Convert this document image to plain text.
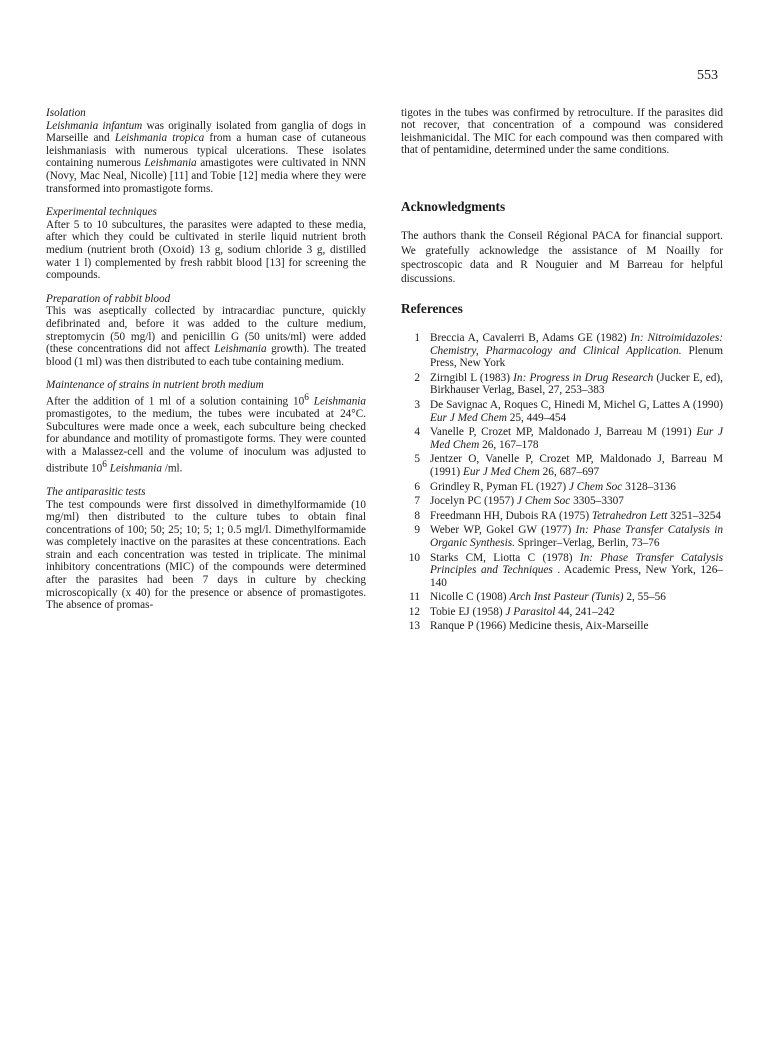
553

Isolation

Leishmania infantum was originally isolated from ganglia of dogs in Marseille and Leishmania tropica from a human case of cutaneous leishmaniasis with numerous typical ulcerations. These isolates containing numerous Leishmania amastigotes were cultivated in NNN (Novy, Mac Neal, Nicolle) [11] and Tobie [12] media where they were transformed into promastigote forms.

Experimental techniques

After 5 to 10 subcultures, the parasites were adapted to these media, after which they could be cultivated in sterile liquid nutrient broth medium (nutrient broth (Oxoid) 13 g, sodium chloride 3 g, distilled water 1 l) complemented by fresh rabbit blood [13] for screening the compounds.

Preparation of rabbit blood

This was aseptically collected by intracardiac puncture, quickly defibrinated and, before it was added to the culture medium, streptomycin (50 mg/l) and penicillin G (50 units/ml) were added (these concentrations did not affect Leishmania growth). The treated blood (1 ml) was then distributed to each tube containing medium.

Maintenance of strains in nutrient broth medium

After the addition of 1 ml of a solution containing $10^6$ Leishmania promastigotes, to the medium, the tubes were incubated at 24°C. Subcultures were made once a week, each subculture being checked for abundance and motility of promastigote forms. They were counted with a Malassez-cell and the volume of inoculum was adjusted to distribute $10^6$ Leishmania /ml.

The antiparasitic tests

The test compounds were first dissolved in dimethylformamide (10 mg/ml) then distributed to the culture tubes to obtain final concentrations of 100; 50; 25; 10; 5; 1; 0.5 mgl/l. Dimethylformamide was completely inactive on the parasites at these concentrations. Each strain and each concentration was tested in triplicate. The minimal inhibitory concentrations (MIC) of the compounds were determined after the parasites had been 7 days in culture by checking microscopically (x 40) for the presence or absence of promastigotes. The absence of promas-

tigotes in the tubes was confirmed by retroculture. If the parasites did not recover, that concentration of a compound was considered leishmanicidal. The MIC for each compound was then compared with that of pentamidine, determined under the same conditions.

Acknowledgments

The authors thank the Conseil Régional PACA for financial support. We gratefully acknowledge the assistance of M Noailly for spectroscopic data and R Nouguier and M Barreau for helpful discussions.

References
1 Breccia A, Cavalerri B, Adams GE (1982) In: Nitroimidazoles: Chemistry, Pharmacology and Clinical Application. Plenum Press, New York
2 Zirngibl L (1983) In: Progress in Drug Research (Jucker E, ed), Birkhauser Verlag, Basel, 27, 253–383
3 De Savignac A, Roques C, Hinedi M, Michel G, Lattes A (1990) Eur J Med Chem 25, 449–454
4 Vanelle P, Crozet MP, Maldonado J, Barreau M (1991) Eur J Med Chem 26, 167–178
5 Jentzer O, Vanelle P, Crozet MP, Maldonado J, Barreau M (1991) Eur J Med Chem 26, 687–697
6 Grindley R, Pyman FL (1927) J Chem Soc 3128–3136
7 Jocelyn PC (1957) J Chem Soc 3305–3307
8 Freedmann HH, Dubois RA (1975) Tetrahedron Lett 3251–3254
9 Weber WP, Gokel GW (1977) In: Phase Transfer Catalysis in Organic Synthesis. Springer–Verlag, Berlin, 73–76
10 Starks CM, Liotta C (1978) In: Phase Transfer Catalysis Principles and Techniques . Academic Press, New York, 126–140
11 Nicolle C (1908) Arch Inst Pasteur (Tunis) 2, 55–56
12 Tobie EJ (1958) J Parasitol 44, 241–242
13 Ranque P (1966) Medicine thesis, Aix-Marseille
